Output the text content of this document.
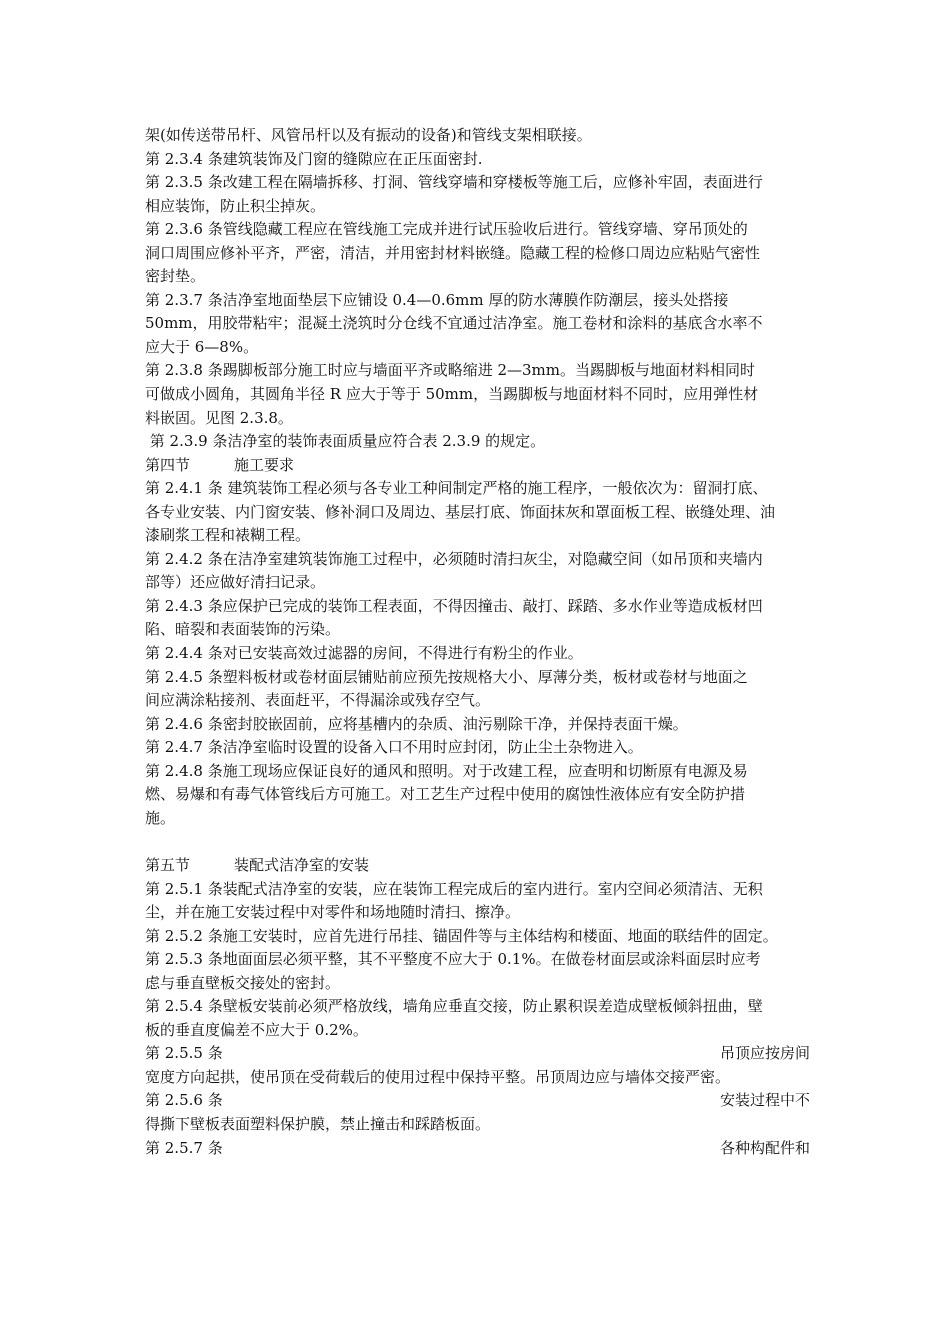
架(如传送带吊杆、风管吊杆以及有振动的设备)和管线支架相联接。
第 2.3.4 条建筑装饰及门窗的缝隙应在正压面密封.
第 2.3.5 条改建工程在隔墙拆移、打洞、管线穿墙和穿楼板等施工后，应修补牢固，表面进行
相应装饰，防止积尘掉灰。
第 2.3.6 条管线隐藏工程应在管线施工完成并进行试压验收后进行。管线穿墙、穿吊顶处的
洞口周围应修补平齐，严密，清洁，并用密封材料嵌缝。隐藏工程的检修口周边应粘贴气密性
密封垫。
第 2.3.7 条洁净室地面垫层下应铺设 0.4—0.6mm 厚的防水薄膜作防潮层，接头处搭接
50mm，用胶带粘牢；混凝土浇筑时分仓线不宜通过洁净室。施工卷材和涂料的基底含水率不
应大于 6—8%。
第 2.3.8 条踢脚板部分施工时应与墙面平齐或略缩进 2—3mm。当踢脚板与地面材料相同时
可做成小圆角，其圆角半径 R 应大于等于 50mm，当踢脚板与地面材料不同时，应用弹性材
料嵌固。见图 2.3.8。
第 2.3.9 条洁净室的装饰表面质量应符合表 2.3.9 的规定。
第四节	施工要求
第 2.4.1 条 建筑装饰工程必须与各专业工种间制定严格的施工程序，一般依次为：留洞打底、
各专业安装、内门窗安装、修补洞口及周边、基层打底、饰面抹灰和罩面板工程、嵌缝处理、油
漆刷浆工程和裱糊工程。
第 2.4.2 条在洁净室建筑装饰施工过程中，必须随时清扫灰尘，对隐藏空间（如吊顶和夹墙内
部等）还应做好清扫记录。
第 2.4.3 条应保护已完成的装饰工程表面，不得因撞击、敲打、踩踏、多水作业等造成板材凹
陷、暗裂和表面装饰的污染。
第 2.4.4 条对已安装高效过滤器的房间，不得进行有粉尘的作业。
第 2.4.5 条塑料板材或卷材面层铺贴前应预先按规格大小、厚薄分类，板材或卷材与地面之
间应满涂粘接剂、表面赶平，不得漏涂或残存空气。
第 2.4.6 条密封胶嵌固前，应将基槽内的杂质、油污剔除干净，并保持表面干燥。
第 2.4.7 条洁净室临时设置的设备入口不用时应封闭，防止尘土杂物进入。
第 2.4.8 条施工现场应保证良好的通风和照明。对于改建工程，应查明和切断原有电源及易
燃、易爆和有毒气体管线后方可施工。对工艺生产过程中使用的腐蚀性液体应有安全防护措
施。
第五节	装配式洁净室的安装
第 2.5.1 条装配式洁净室的安装，应在装饰工程完成后的室内进行。室内空间必须清洁、无积
尘，并在施工安装过程中对零件和场地随时清扫、擦净。
第 2.5.2 条施工安装时，应首先进行吊挂、锚固件等与主体结构和楼面、地面的联结件的固定。
第 2.5.3 条地面面层必须平整，其不平整度不应大于 0.1%。在做卷材面层或涂料面层时应考
虑与垂直壁板交接处的密封。
第 2.5.4 条壁板安装前必须严格放线，墙角应垂直交接，防止累积误差造成壁板倾斜扭曲，壁
板的垂直度偏差不应大于 0.2%。
第 2.5.5 条	吊顶应按房间
宽度方向起拱，使吊顶在受荷载后的使用过程中保持平整。吊顶周边应与墙体交接严密。
第 2.5.6 条	安装过程中不
得撕下壁板表面塑料保护膜，禁止撞击和踩踏板面。
第 2.5.7 条	各种构配件和
